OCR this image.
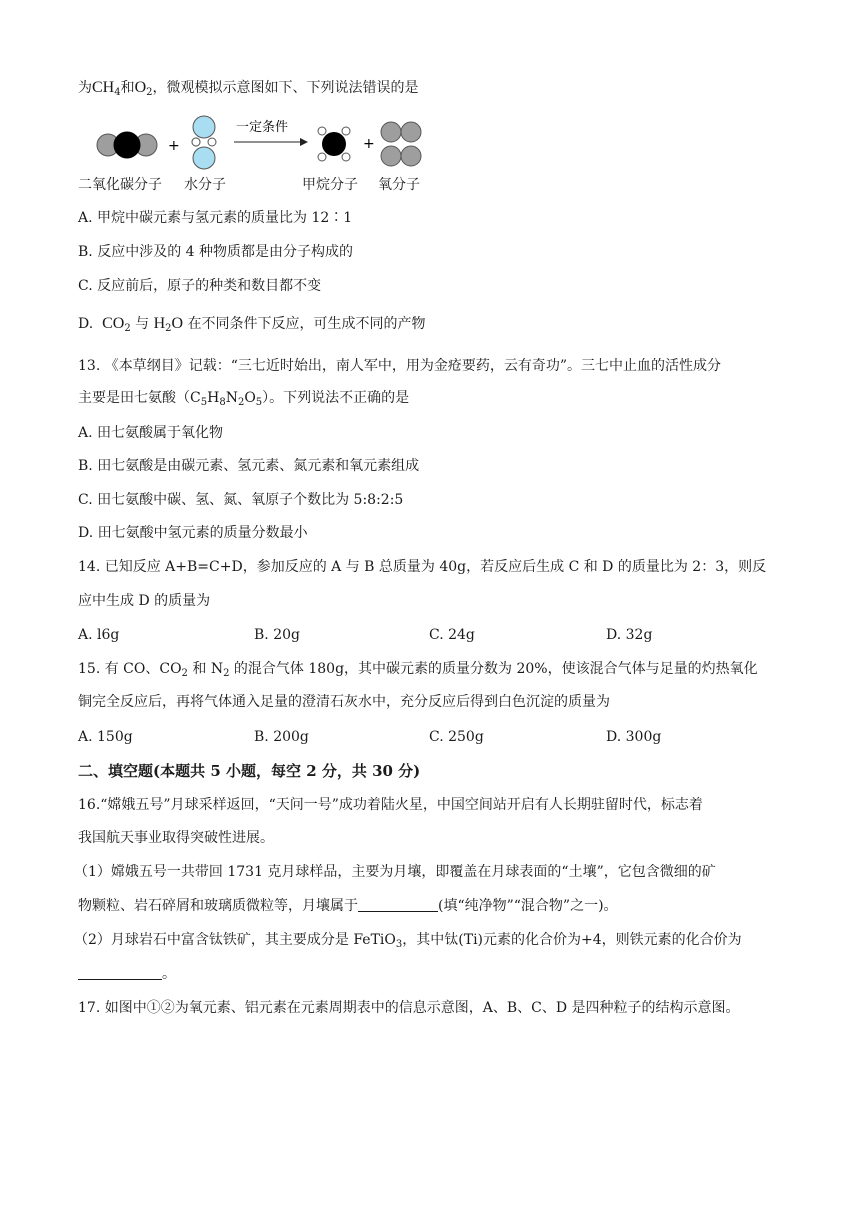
为$CH_4$和$O_2$，微观模拟示意图如下、下列说法错误的是
+
一定条件
+
二氧化碳分子 水分子	甲烷分子 氧分子
A. 甲烷中碳元素与氢元素的质量比为 12∶1
B. 反应中涉及的 4 种物质都是由分子构成的
C. 反应前后，原子的种类和数目都不变
D. $CO_2$ 与 $H_2O$ 在不同条件下反应，可生成不同的产物
13. 《本草纲目》记载：“三七近时始出，南人军中，用为金疮要药，云有奇功”。三七中止血的活性成分
主要是田七氨酸$(C_5H_8N_2O_5)$。下列说法不正确的是
A. 田七氨酸属于氧化物
B. 田七氨酸是由碳元素、氢元素、氮元素和氧元素组成
C. 田七氨酸中碳、氢、氮、氧原子个数比为 5:8:2:5
D. 田七氨酸中氢元素的质量分数最小
14. 已知反应 A+B=C+D，参加反应的 A 与 B 总质量为 40g，若反应后生成 C 和 D 的质量比为 2：3，则反
应中生成 D 的质量为
A. l6g	B. 20g	C. 24g	D. 32g
15. 有 CO、$CO_2$ 和 $N_2$ 的混合气体 180g，其中碳元素的质量分数为 20%，使该混合气体与足量的灼热氧化
铜完全反应后，再将气体通入足量的澄清石灰水中，充分反应后得到白色沉淀的质量为
A. 150g	B. 200g	C. 250g	D. 300g
二、填空题(本题共 5 小题，每空 2 分，共 30 分)
16.“嫦娥五号”月球采样返回，“天问一号”成功着陆火星，中国空间站开启有人长期驻留时代，标志着
我国航天事业取得突破性进展。
（1）嫦娥五号一共带回 1731 克月球样品，主要为月壤，即覆盖在月球表面的“土壤”，它包含微细的矿
物颗粒、岩石碎屑和玻璃质微粒等，月壤属于	(填“纯净物”“混合物”之一)。
（2）月球岩石中富含钛铁矿，其主要成分是 FeTiO$_3$，其中钛(Ti)元素的化合价为+4，则铁元素的化合价为
。
17. 如图中①②为氧元素、铝元素在元素周期表中的信息示意图，A、B、C、D 是四种粒子的结构示意图。
